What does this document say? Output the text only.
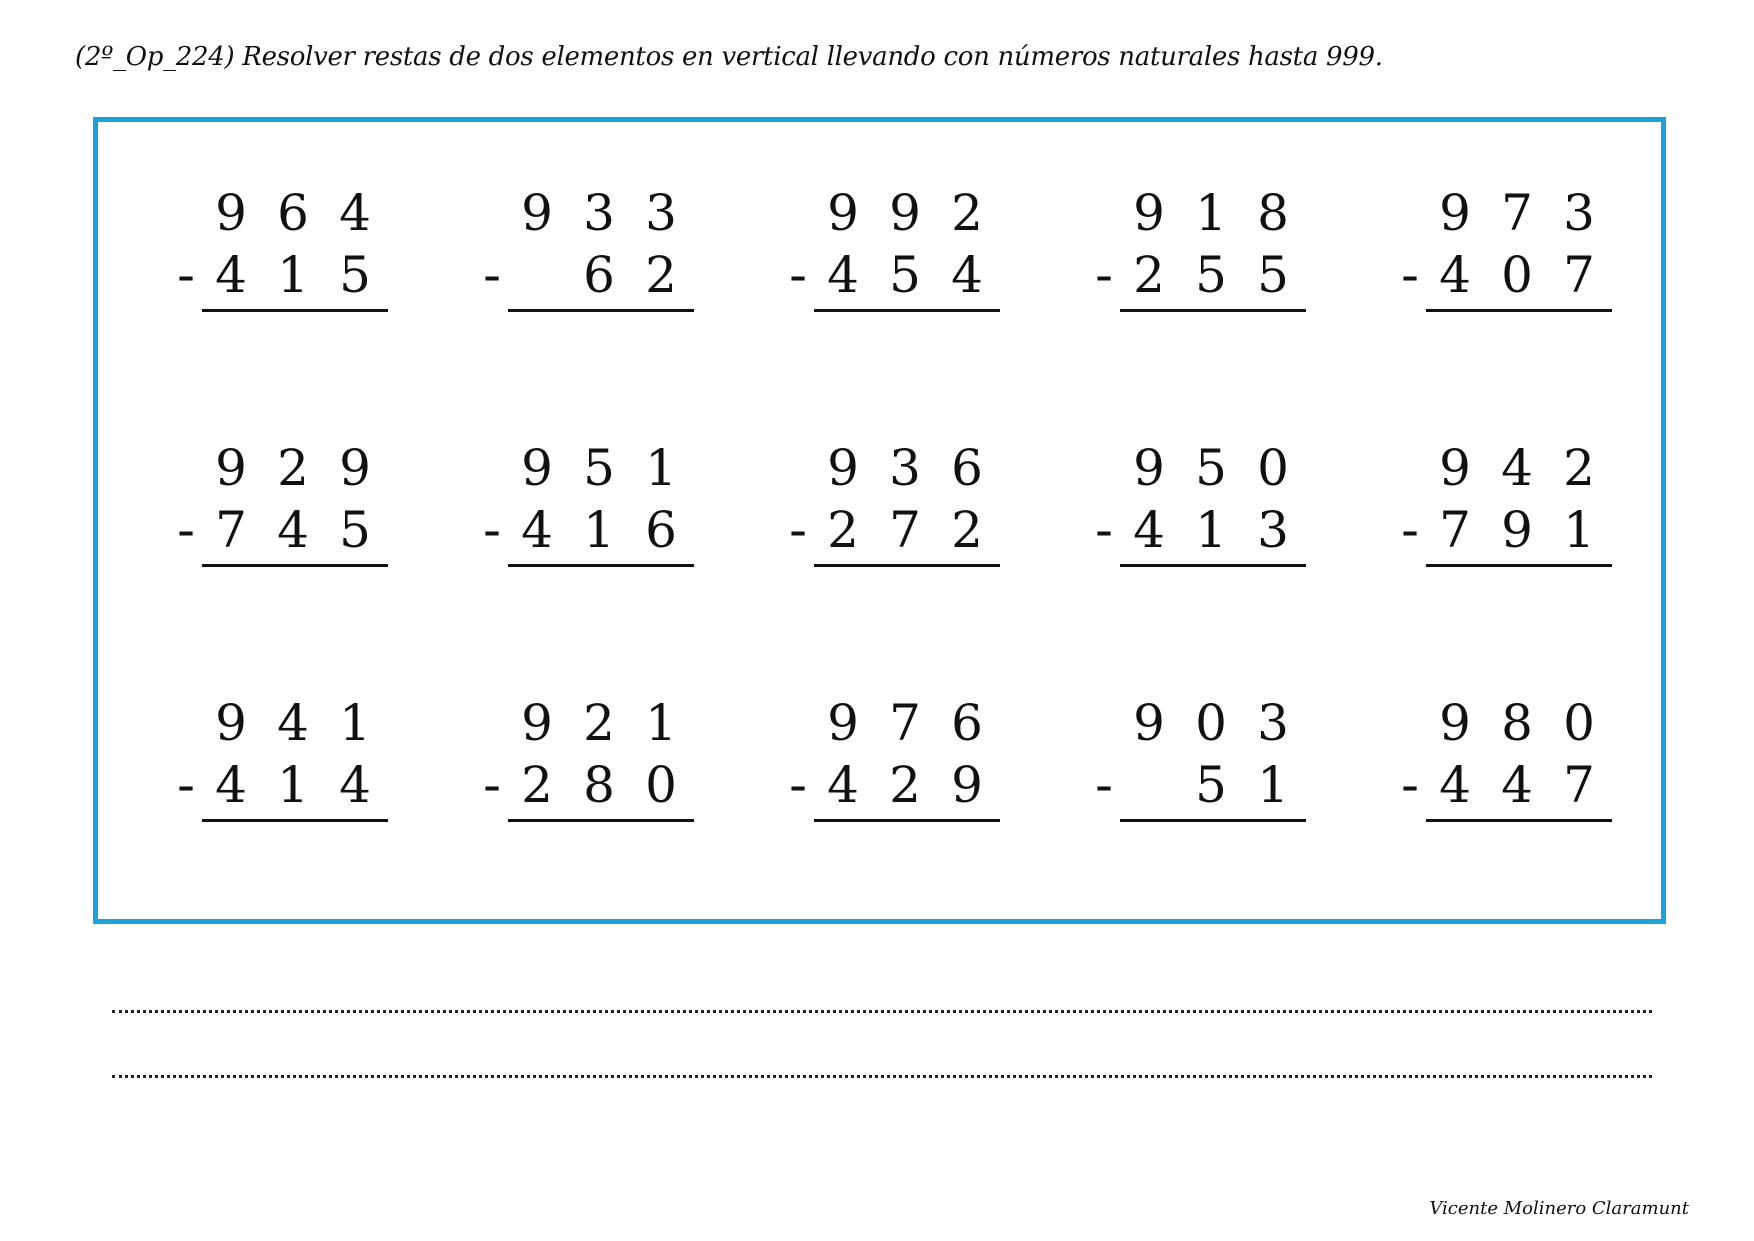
(2º_Op_224) Resolver restas de dos elementos en vertical llevando con números naturales hasta 999.
9 6 4
- 4 1 5
9 3 3
- 6 2
9 9 2
- 4 5 4
9 1 8
- 2 5 5
9 7 3
- 4 0 7
9 2 9
- 7 4 5
9 5 1
- 4 1 6
9 3 6
- 2 7 2
9 5 0
- 4 1 3
9 4 2
- 7 9 1
9 4 1
- 4 1 4
9 2 1
- 2 8 0
9 7 6
- 4 2 9
9 0 3
- 5 1
9 8 0
- 4 4 7
Vicente Molinero Claramunt
